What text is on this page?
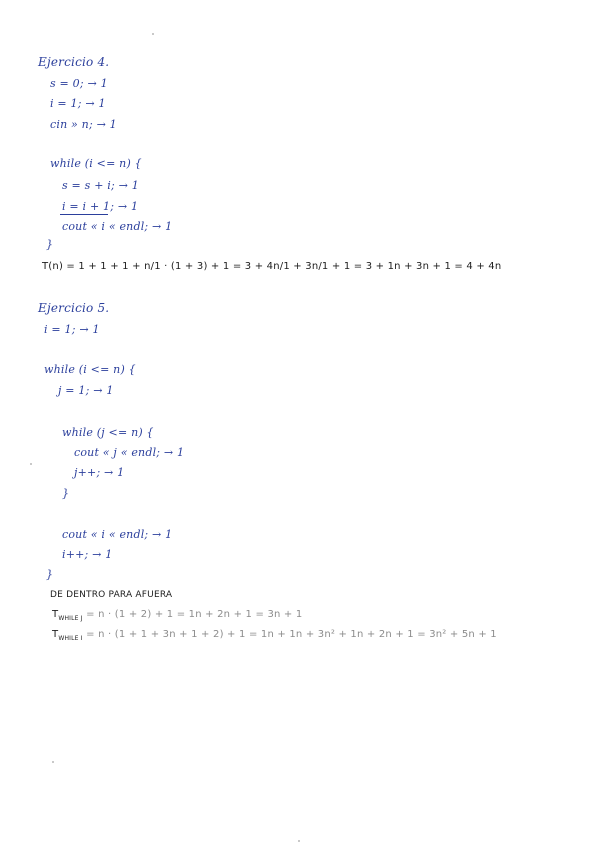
Ejercicio 4.
s = 0; → 1
i = 1; → 1
cin » n; → 1
while (i <= n) {
s = s + i; → 1
i = i + 1; → 1
cout « i « endl; → 1
}
T(n) = 1 + 1 + 1 + n/1 · (1 + 3) + 1 = 3 + 4n/1 + 3n/1 + 1 = 3 + 1n + 3n + 1 = 4 + 4n
Ejercicio 5.
i = 1; → 1
while (i <= n) {
j = 1; → 1
while (j <= n) {
cout « j « endl; → 1
j++; → 1
}
cout « i « endl; → 1
i++; → 1
}
DE DENTRO PARA AFUERA
$T_{WHILE J} = n \cdot (1 + 2) + 1 = 1n + 2n + 1 = 3n + 1$
$T_{WHILE I} = n \cdot (1 + 1 + 3n + 1 + 2) + 1 = 1n + 1n + 3n^2 + 1n + 2n + 1 = 3n^2 + 5n + 1$
